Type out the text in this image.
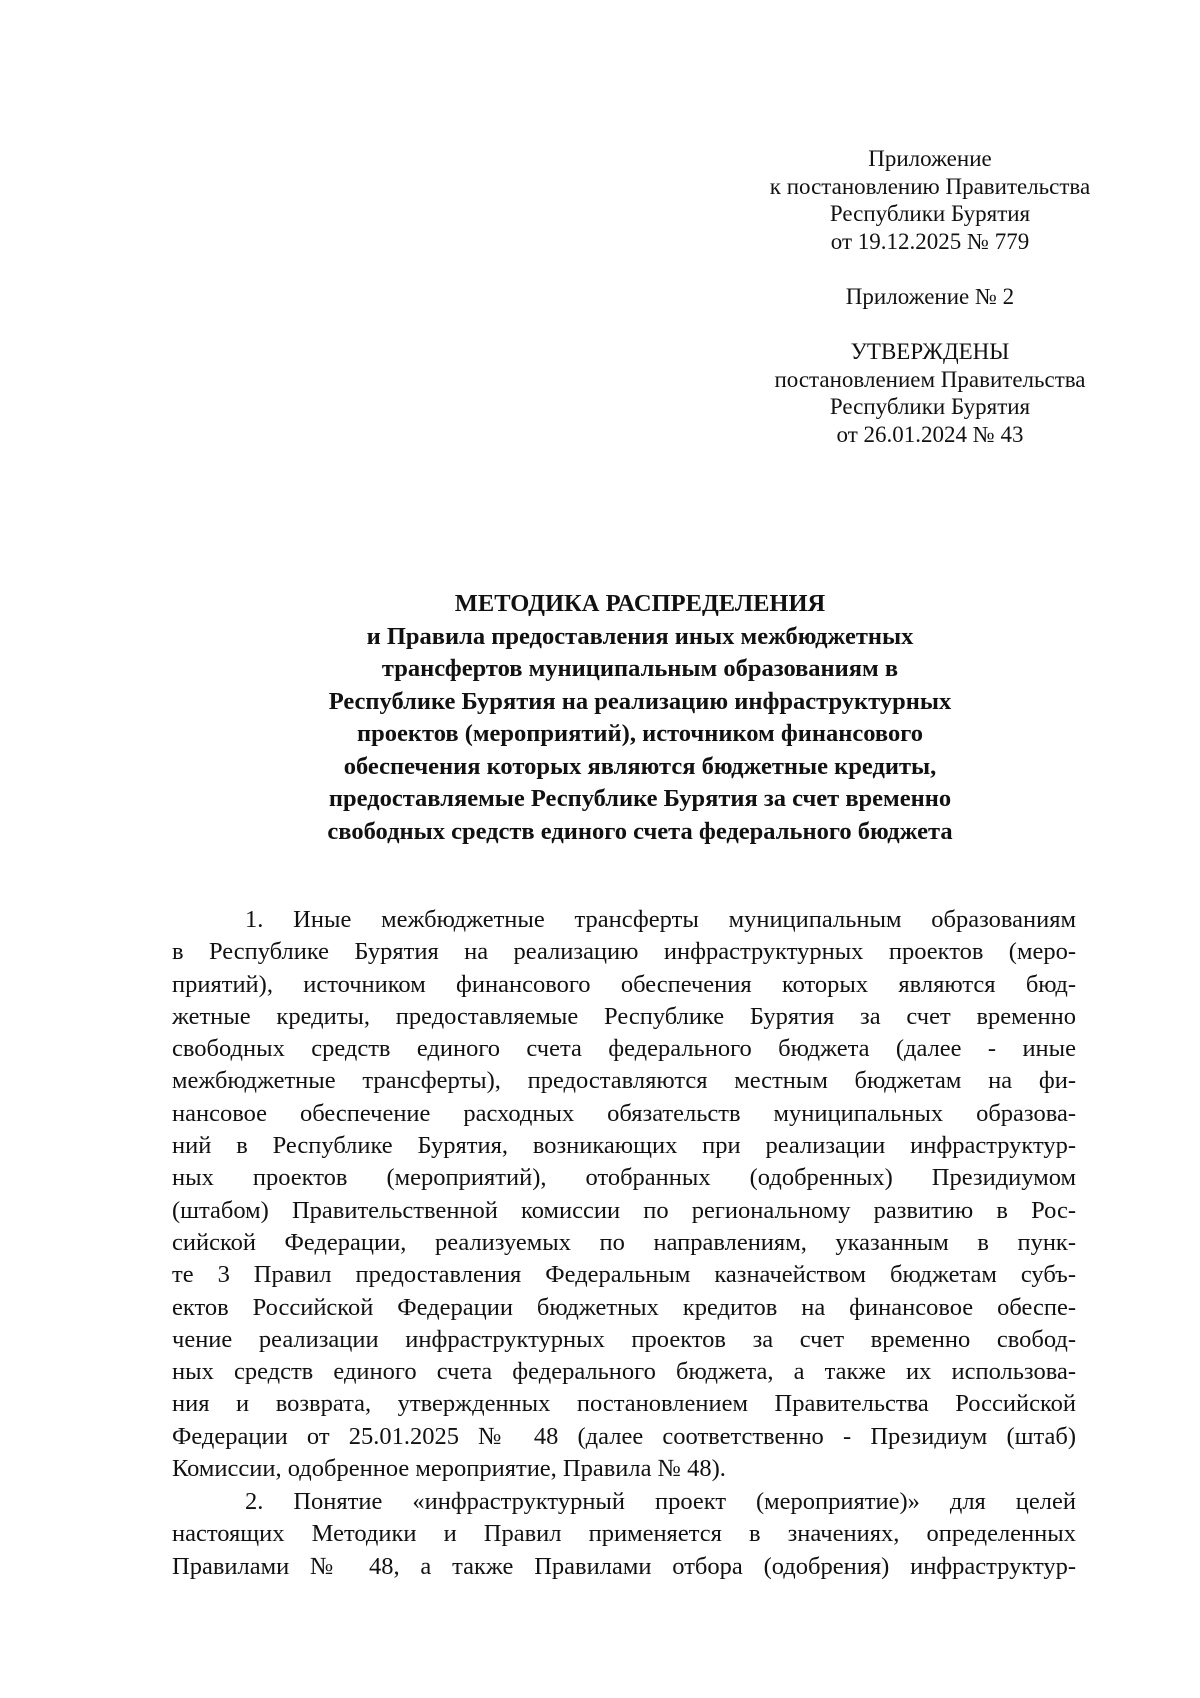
Приложение
к постановлению Правительства
Республики Бурятия
от 19.12.2025 № 779
Приложение № 2
УТВЕРЖДЕНЫ
постановлением Правительства
Республики Бурятия
от 26.01.2024 № 43
МЕТОДИКА РАСПРЕДЕЛЕНИЯ
и Правила предоставления иных межбюджетных
трансфертов муниципальным образованиям в
Республике Бурятия на реализацию инфраструктурных
проектов (мероприятий), источником финансового
обеспечения которых являются бюджетные кредиты,
предоставляемые Республике Бурятия за счет временно
свободных средств единого счета федерального бюджета
1. Иные межбюджетные трансферты муниципальным образованиям
в Республике Бурятия на реализацию инфраструктурных проектов (меро-
приятий), источником финансового обеспечения которых являются бюд-
жетные кредиты, предоставляемые Республике Бурятия за счет временно
свободных средств единого счета федерального бюджета (далее - иные
межбюджетные трансферты), предоставляются местным бюджетам на фи-
нансовое обеспечение расходных обязательств муниципальных образова-
ний в Республике Бурятия, возникающих при реализации инфраструктур-
ных проектов (мероприятий), отобранных (одобренных) Президиумом
(штабом) Правительственной комиссии по региональному развитию в Рос-
сийской Федерации, реализуемых по направлениям, указанным в пунк-
те 3 Правил предоставления Федеральным казначейством бюджетам субъ-
ектов Российской Федерации бюджетных кредитов на финансовое обеспе-
чение реализации инфраструктурных проектов за счет временно свобод-
ных средств единого счета федерального бюджета, а также их использова-
ния и возврата, утвержденных постановлением Правительства Российской
Федерации от 25.01.2025 № 48 (далее соответственно - Президиум (штаб)
Комиссии, одобренное мероприятие, Правила № 48).
2. Понятие «инфраструктурный проект (мероприятие)» для целей
настоящих Методики и Правил применяется в значениях, определенных
Правилами № 48, а также Правилами отбора (одобрения) инфраструктур-
